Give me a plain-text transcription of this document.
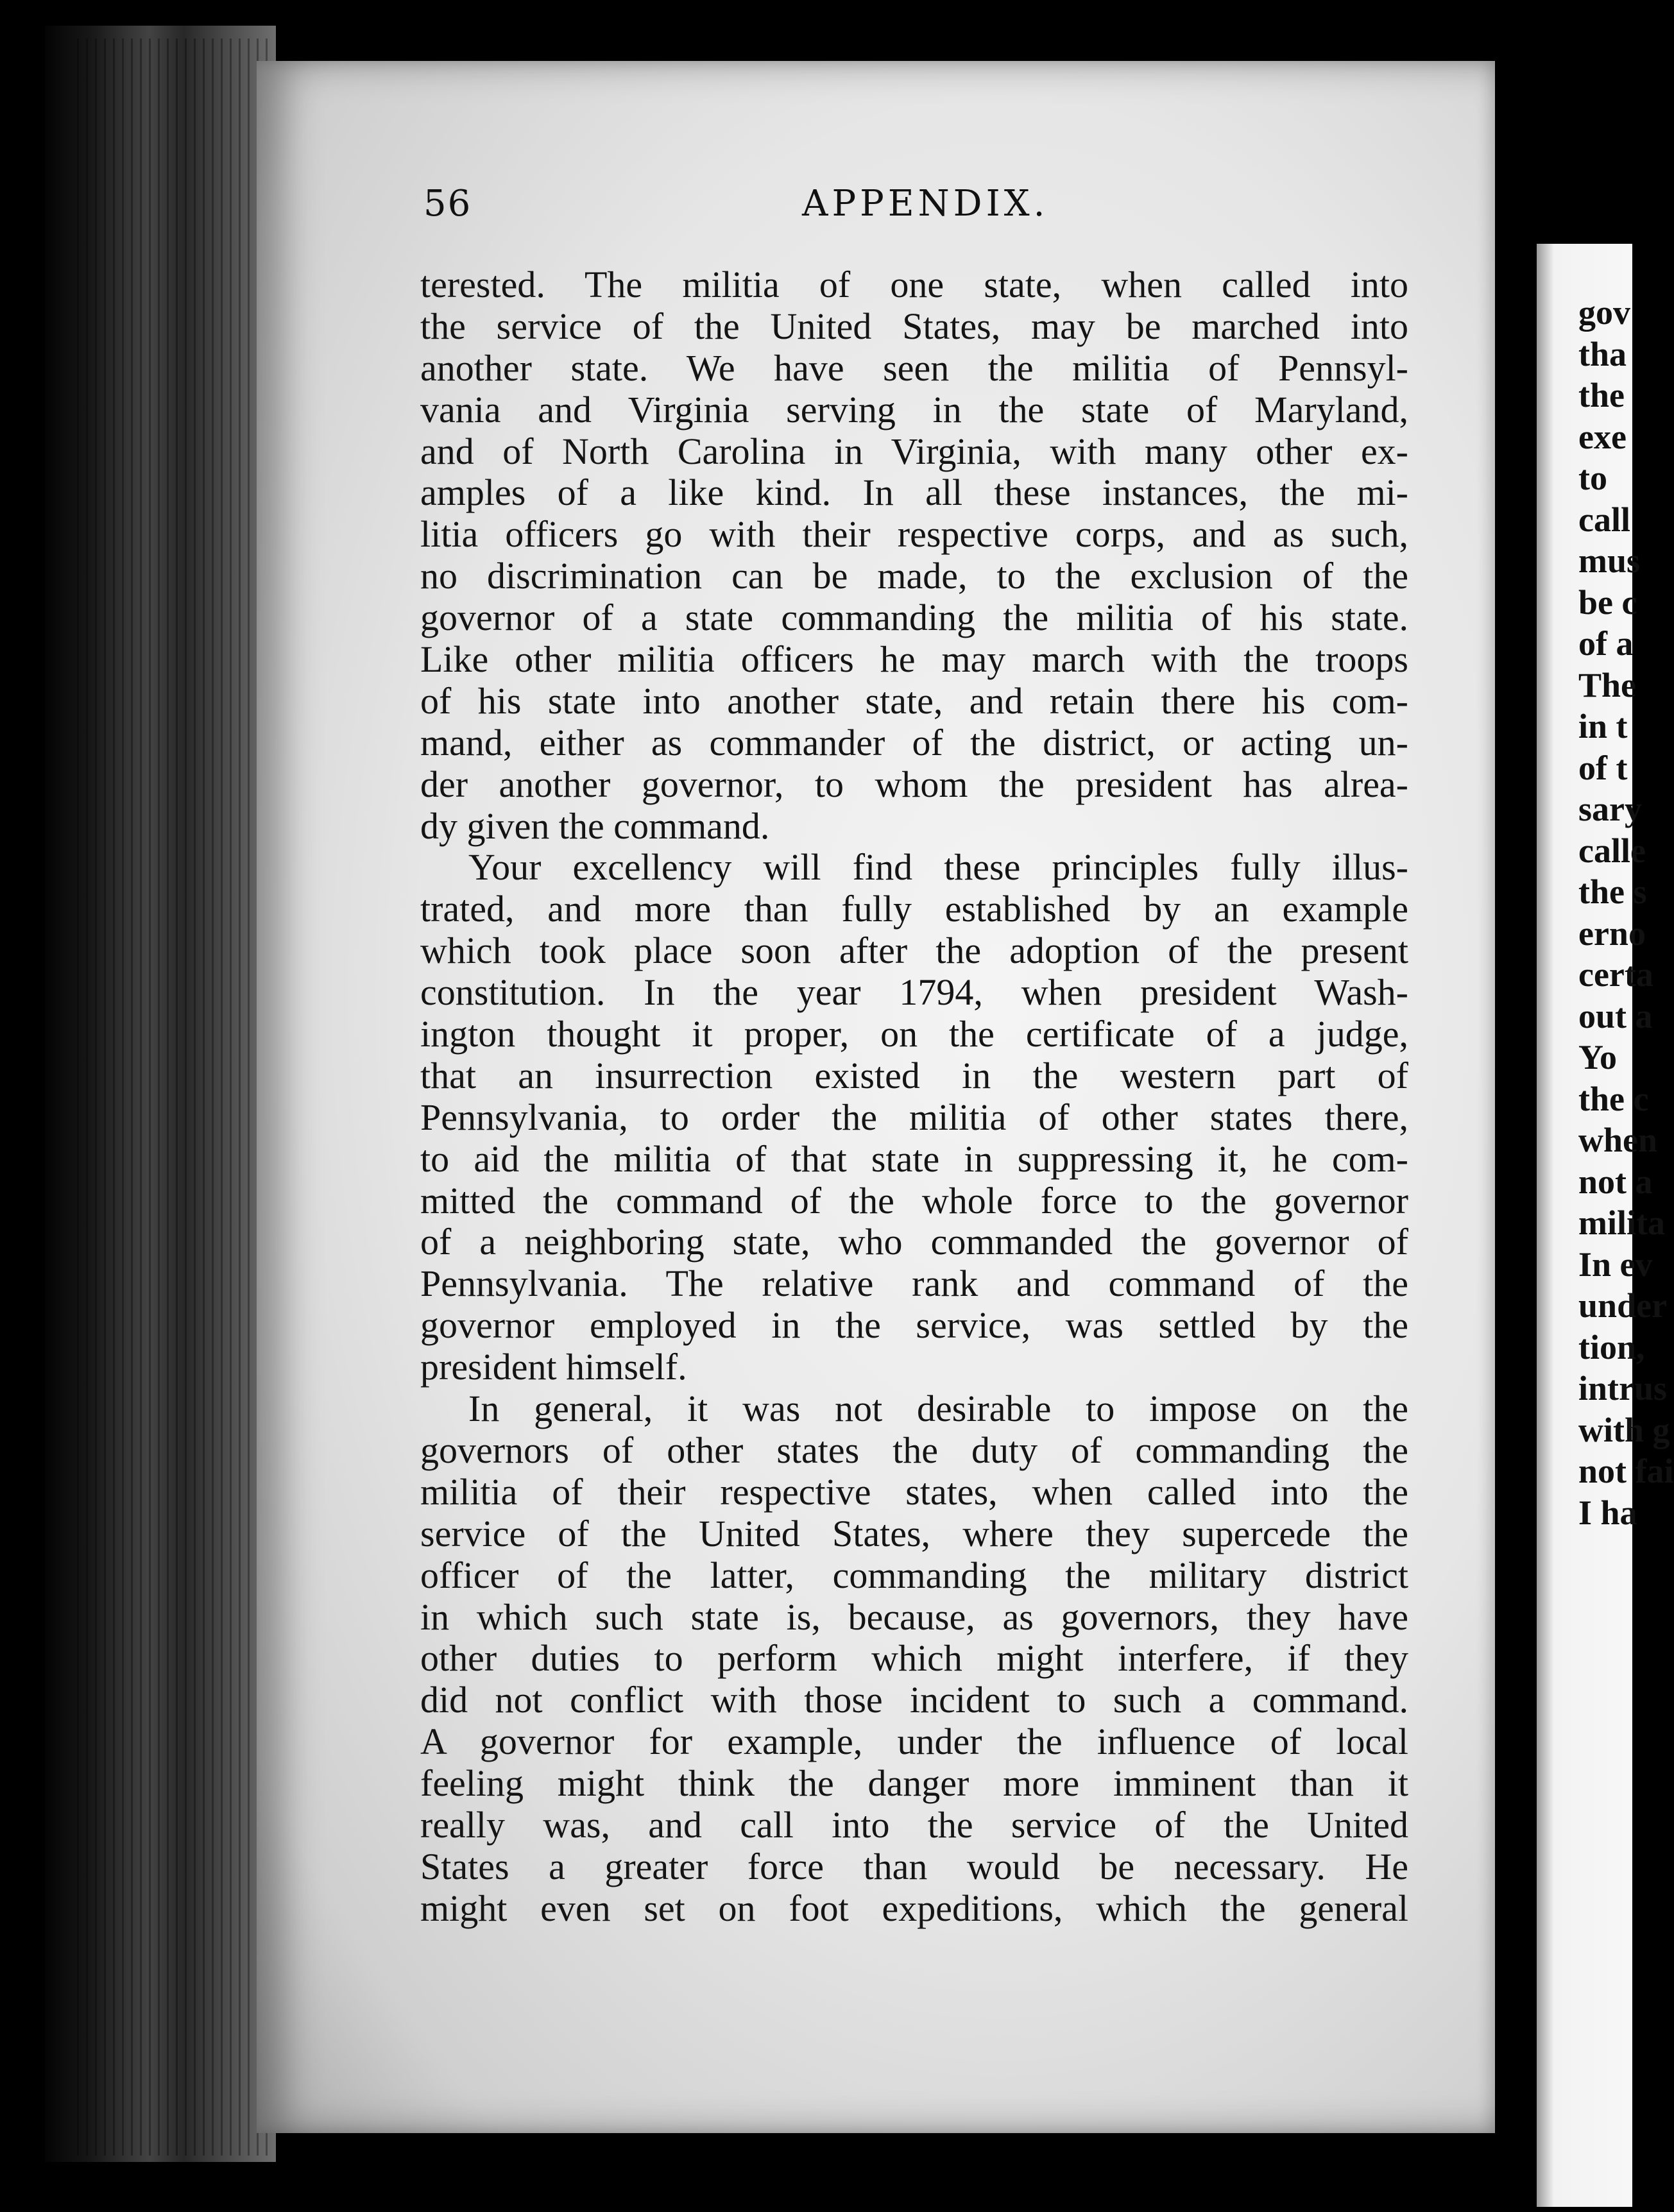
56	APPENDIX.
terested. The militia of one state, when called into
the service of the United States, may be marched into
another state. We have seen the militia of Pennsyl-
vania and Virginia serving in the state of Maryland,
and of North Carolina in Virginia, with many other ex-
amples of a like kind. In all these instances, the mi-
litia officers go with their respective corps, and as such,
no discrimination can be made, to the exclusion of the
governor of a state commanding the militia of his state.
Like other militia officers he may march with the troops
of his state into another state, and retain there his com-
mand, either as commander of the district, or acting un-
der another governor, to whom the president has alrea-
dy given the command.
Your excellency will find these principles fully illus-
trated, and more than fully established by an example
which took place soon after the adoption of the present
constitution. In the year 1794, when president Wash-
ington thought it proper, on the certificate of a judge,
that an insurrection existed in the western part of
Pennsylvania, to order the militia of other states there,
to aid the militia of that state in suppressing it, he com-
mitted the command of the whole force to the governor
of a neighboring state, who commanded the governor of
Pennsylvania. The relative rank and command of the
governor employed in the service, was settled by the
president himself.
In general, it was not desirable to impose on the
governors of other states the duty of commanding the
militia of their respective states, when called into the
service of the United States, where they supercede the
officer of the latter, commanding the military district
in which such state is, because, as governors, they have
other duties to perform which might interfere, if they
did not conflict with those incident to such a command.
A governor for example, under the influence of local
feeling might think the danger more imminent than it
really was, and call into the service of the United
States a greater force than would be necessary. He
might even set on foot expeditions, which the general
gov
tha
the
exe
to
call
mus
be c
of a
The
in t
of t
sary
calle
the s
erno
certa
out a
Yo
the c
when
not a
milita
In ev
under
tion,
intrus
with g
not fai
I ha
